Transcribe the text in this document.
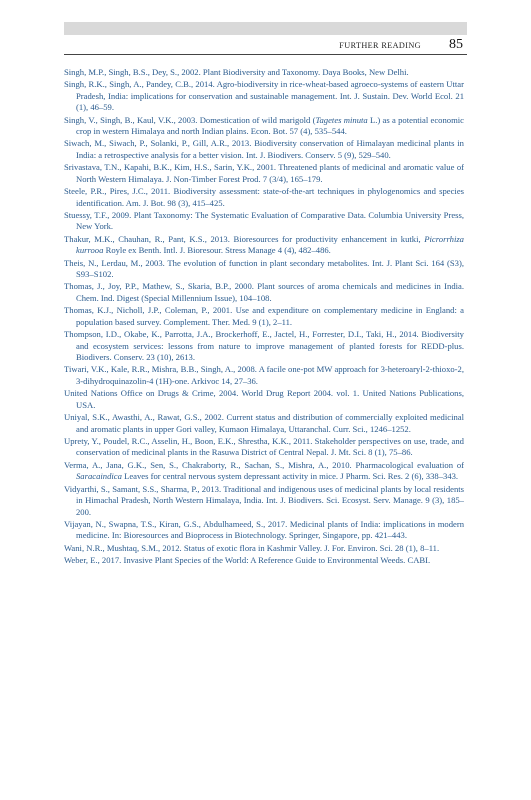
FURTHER READING 85
Singh, M.P., Singh, B.S., Dey, S., 2002. Plant Biodiversity and Taxonomy. Daya Books, New Delhi.
Singh, R.K., Singh, A., Pandey, C.B., 2014. Agro-biodiversity in rice-wheat-based agroeco-systems of eastern Uttar Pradesh, India: implications for conservation and sustainable management. Int. J. Sustain. Dev. World Ecol. 21 (1), 46–59.
Singh, V., Singh, B., Kaul, V.K., 2003. Domestication of wild marigold (Tagetes minuta L.) as a potential economic crop in western Himalaya and north Indian plains. Econ. Bot. 57 (4), 535–544.
Siwach, M., Siwach, P., Solanki, P., Gill, A.R., 2013. Biodiversity conservation of Himalayan medicinal plants in India: a retrospective analysis for a better vision. Int. J. Biodivers. Conserv. 5 (9), 529–540.
Srivastava, T.N., Kapahi, B.K., Kim, H.S., Sarin, Y.K., 2001. Threatened plants of medicinal and aromatic value of North Western Himalaya. J. Non-Timber Forest Prod. 7 (3/4), 165–179.
Steele, P.R., Pires, J.C., 2011. Biodiversity assessment: state-of-the-art techniques in phylogenomics and species identification. Am. J. Bot. 98 (3), 415–425.
Stuessy, T.F., 2009. Plant Taxonomy: The Systematic Evaluation of Comparative Data. Columbia University Press, New York.
Thakur, M.K., Chauhan, R., Pant, K.S., 2013. Bioresources for productivity enhancement in kutki, Picrorrhiza kurrooa Royle ex Benth. Intl. J. Bioresour. Stress Manage 4 (4), 482–486.
Theis, N., Lerdau, M., 2003. The evolution of function in plant secondary metabolites. Int. J. Plant Sci. 164 (S3), S93–S102.
Thomas, J., Joy, P.P., Mathew, S., Skaria, B.P., 2000. Plant sources of aroma chemicals and medicines in India. Chem. Ind. Digest (Special Millennium Issue), 104–108.
Thomas, K.J., Nicholl, J.P., Coleman, P., 2001. Use and expenditure on complementary medicine in England: a population based survey. Complement. Ther. Med. 9 (1), 2–11.
Thompson, I.D., Okabe, K., Parrotta, J.A., Brockerhoff, E., Jactel, H., Forrester, D.I., Taki, H., 2014. Biodiversity and ecosystem services: lessons from nature to improve management of planted forests for REDD-plus. Biodivers. Conserv. 23 (10), 2613.
Tiwari, V.K., Kale, R.R., Mishra, B.B., Singh, A., 2008. A facile one-pot MW approach for 3-heteroaryl-2-thioxo-2, 3-dihydroquinazolin-4 (1H)-one. Arkivoc 14, 27–36.
United Nations Office on Drugs & Crime, 2004. World Drug Report 2004. vol. 1. United Nations Publications, USA.
Uniyal, S.K., Awasthi, A., Rawat, G.S., 2002. Current status and distribution of commercially exploited medicinal and aromatic plants in upper Gori valley, Kumaon Himalaya, Uttaranchal. Curr. Sci., 1246–1252.
Uprety, Y., Poudel, R.C., Asselin, H., Boon, E.K., Shrestha, K.K., 2011. Stakeholder perspectives on use, trade, and conservation of medicinal plants in the Rasuwa District of Central Nepal. J. Mt. Sci. 8 (1), 75–86.
Verma, A., Jana, G.K., Sen, S., Chakraborty, R., Sachan, S., Mishra, A., 2010. Pharmacological evaluation of Saracaindica Leaves for central nervous system depressant activity in mice. J Pharm. Sci. Res. 2 (6), 338–343.
Vidyarthi, S., Samant, S.S., Sharma, P., 2013. Traditional and indigenous uses of medicinal plants by local residents in Himachal Pradesh, North Western Himalaya, India. Int. J. Biodivers. Sci. Ecosyst. Serv. Manage. 9 (3), 185–200.
Vijayan, N., Swapna, T.S., Kiran, G.S., Abdulhameed, S., 2017. Medicinal plants of India: implications in modern medicine. In: Bioresources and Bioprocess in Biotechnology. Springer, Singapore, pp. 421–443.
Wani, N.R., Mushtaq, S.M., 2012. Status of exotic flora in Kashmir Valley. J. For. Environ. Sci. 28 (1), 8–11.
Weber, E., 2017. Invasive Plant Species of the World: A Reference Guide to Environmental Weeds. CABI.
